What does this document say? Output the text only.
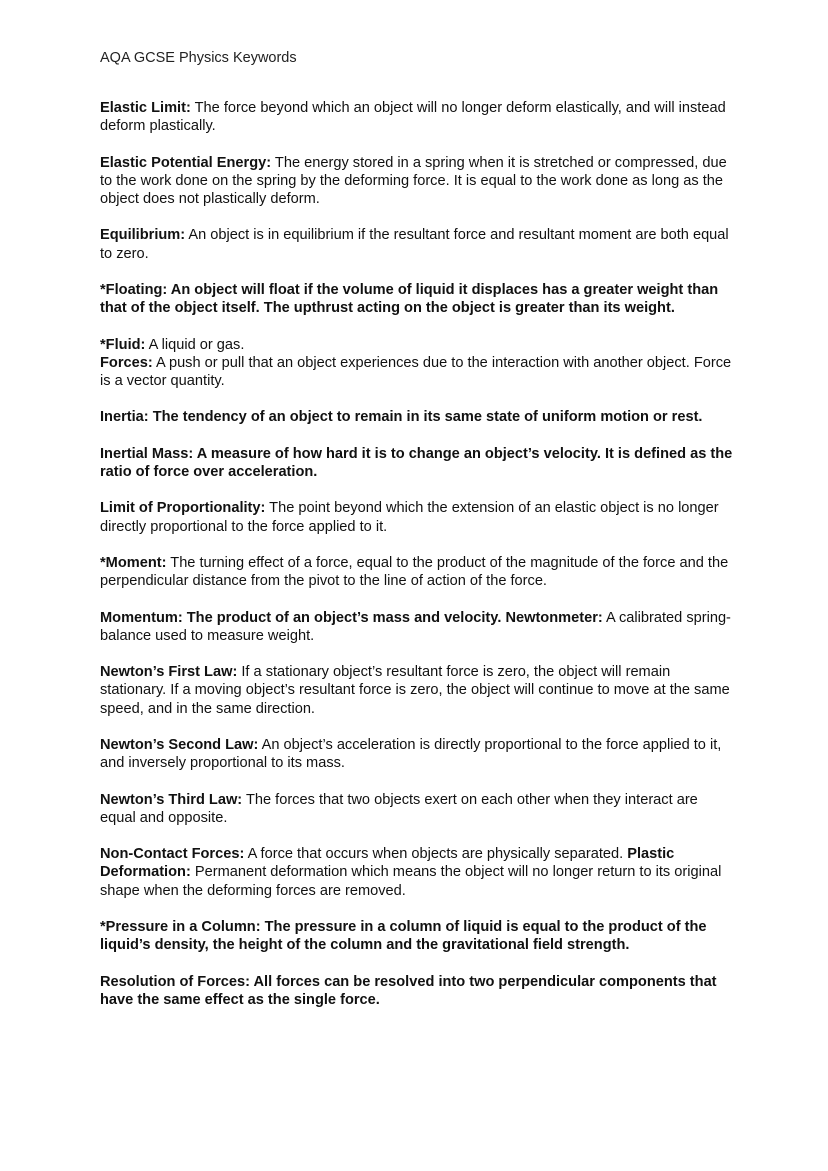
AQA GCSE Physics Keywords

Elastic Limit: The force beyond which an object will no longer deform elastically, and will instead deform plastically.

Elastic Potential Energy: The energy stored in a spring when it is stretched or compressed, due to the work done on the spring by the deforming force. It is equal to the work done as long as the object does not plastically deform.

Equilibrium: An object is in equilibrium if the resultant force and resultant moment are both equal to zero.

*Floating: An object will float if the volume of liquid it displaces has a greater weight than that of the object itself. The upthrust acting on the object is greater than its weight.

*Fluid: A liquid or gas.

Forces: A push or pull that an object experiences due to the interaction with another object. Force is a vector quantity.

Inertia: The tendency of an object to remain in its same state of uniform motion or rest.

Inertial Mass: A measure of how hard it is to change an object’s velocity. It is defined as the ratio of force over acceleration.

Limit of Proportionality: The point beyond which the extension of an elastic object is no longer directly proportional to the force applied to it.

*Moment: The turning effect of a force, equal to the product of the magnitude of the force and the perpendicular distance from the pivot to the line of action of the force.

Momentum: The product of an object’s mass and velocity. Newtonmeter: A calibrated spring-balance used to measure weight.

Newton’s First Law: If a stationary object’s resultant force is zero, the object will remain stationary. If a moving object’s resultant force is zero, the object will continue to move at the same speed, and in the same direction.

Newton’s Second Law: An object’s acceleration is directly proportional to the force applied to it, and inversely proportional to its mass.

Newton’s Third Law: The forces that two objects exert on each other when they interact are equal and opposite.

Non-Contact Forces: A force that occurs when objects are physically separated. Plastic Deformation: Permanent deformation which means the object will no longer return to its original shape when the deforming forces are removed.

*Pressure in a Column: The pressure in a column of liquid is equal to the product of the liquid’s density, the height of the column and the gravitational field strength.

Resolution of Forces: All forces can be resolved into two perpendicular components that have the same effect as the single force.
